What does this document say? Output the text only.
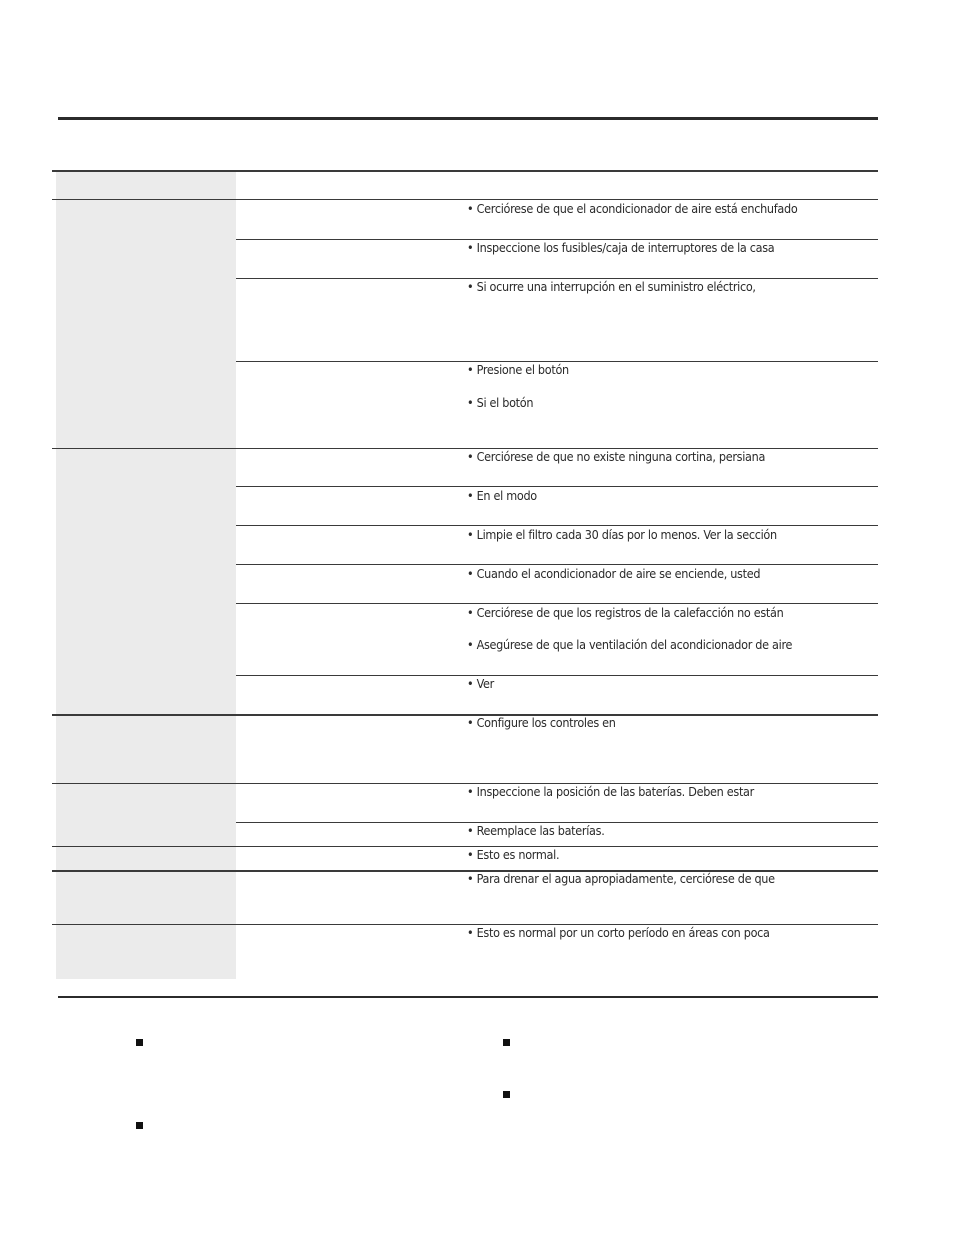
• Cerciórese de que el acondicionador de aire está enchufado
• Inspeccione los fusibles/caja de interruptores de la casa
• Si ocurre una interrupción en el suministro eléctrico,
• Presione el botón
• Si el botón
• Cerciórese de que no existe ninguna cortina, persiana
• En el modo
• Limpie el filtro cada 30 días por lo menos. Ver la sección
• Cuando el acondicionador de aire se enciende, usted
• Cerciórese de que los registros de la calefacción no están
• Asegúrese de que la ventilación del acondicionador de aire
• Ver
• Configure los controles en
• Inspeccione la posición de las baterías. Deben estar
• Reemplace las baterías.
• Esto es normal.
• Para drenar el agua apropiadamente, cerciórese de que
• Esto es normal por un corto período en áreas con poca
